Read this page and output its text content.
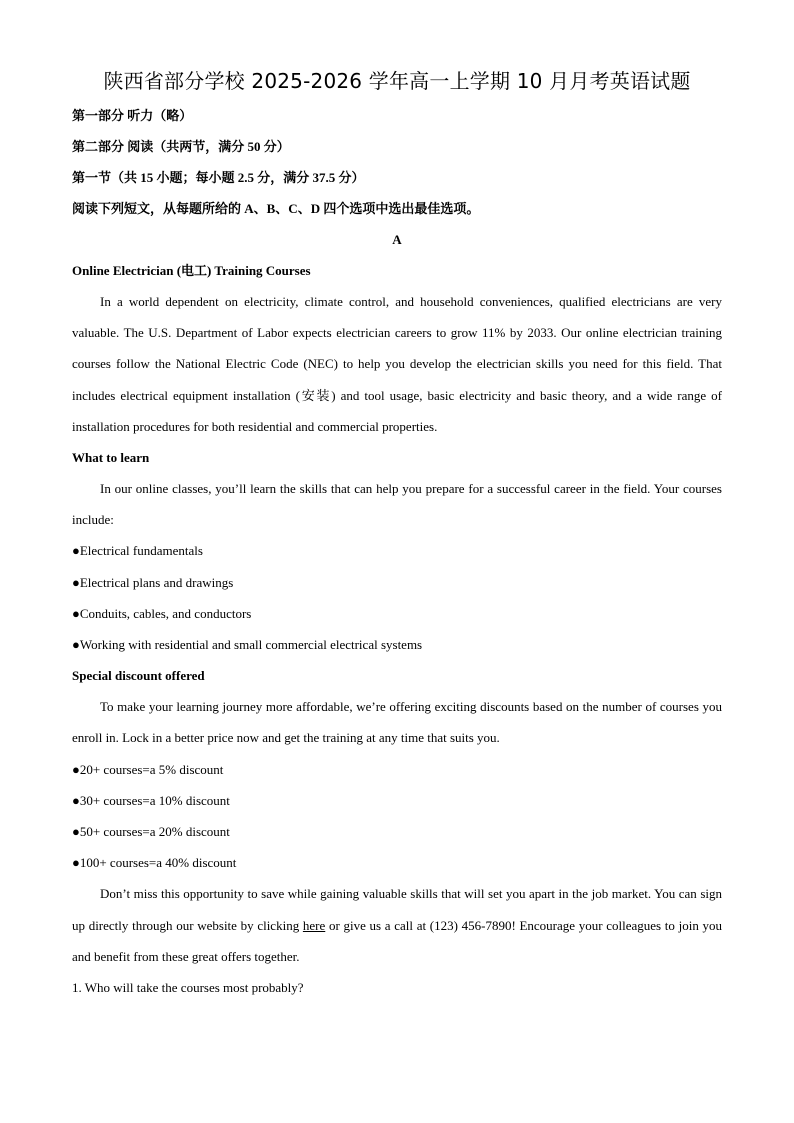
陕西省部分学校 2025-2026 学年高一上学期 10 月月考英语试题

第一部分 听力（略）

第二部分 阅读（共两节，满分 50 分）

第一节（共 15 小题；每小题 2.5 分，满分 37.5 分）

阅读下列短文，从每题所给的 A、B、C、D 四个选项中选出最佳选项。

A

Online Electrician (电工) Training Courses

In a world dependent on electricity, climate control, and household conveniences, qualified electricians are very valuable. The U.S. Department of Labor expects electrician careers to grow 11% by 2033. Our online electrician training courses follow the National Electric Code (NEC) to help you develop the electrician skills you need for this field. That includes electrical equipment installation (安装) and tool usage, basic electricity and basic theory, and a wide range of installation procedures for both residential and commercial properties.

What to learn

In our online classes, you’ll learn the skills that can help you prepare for a successful career in the field. Your courses include:

●Electrical fundamentals

●Electrical plans and drawings

●Conduits, cables, and conductors

●Working with residential and small commercial electrical systems

Special discount offered

To make your learning journey more affordable, we’re offering exciting discounts based on the number of courses you enroll in. Lock in a better price now and get the training at any time that suits you.

●20+ courses=a 5% discount

●30+ courses=a 10% discount

●50+ courses=a 20% discount

●100+ courses=a 40% discount

Don’t miss this opportunity to save while gaining valuable skills that will set you apart in the job market. You can sign up directly through our website by clicking here or give us a call at (123) 456-7890! Encourage your colleagues to join you and benefit from these great offers together.

1. Who will take the courses most probably?
